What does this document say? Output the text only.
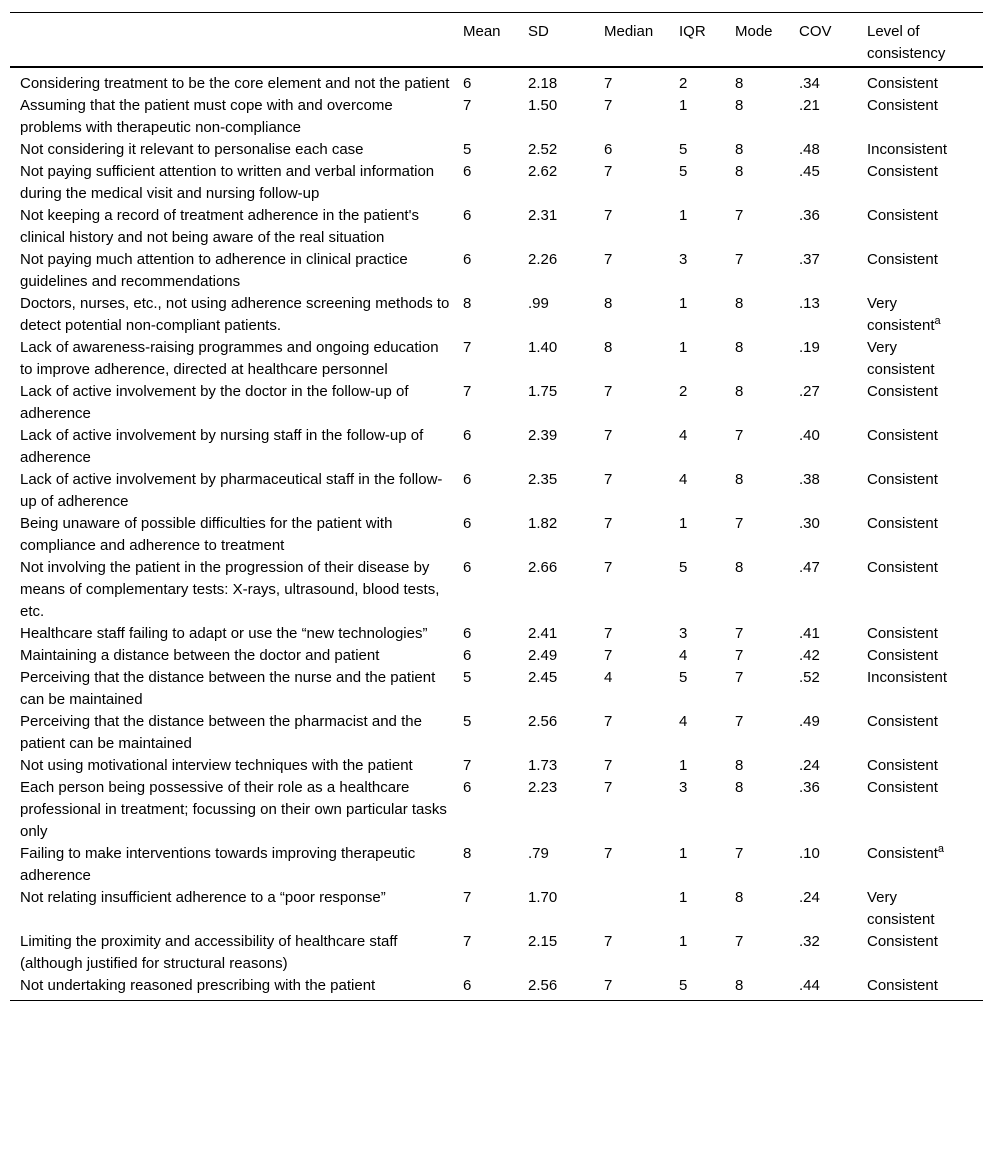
	Mean	SD	Median	IQR	Mode	COV	Level of consistency
Considering treatment to be the core element and not the patient	6	2.18	7	2	8	.34	Consistent
Assuming that the patient must cope with and overcome problems with therapeutic non-compliance	7	1.50	7	1	8	.21	Consistent
Not considering it relevant to personalise each case	5	2.52	6	5	8	.48	Inconsistent
Not paying sufficient attention to written and verbal information during the medical visit and nursing follow-up	6	2.62	7	5	8	.45	Consistent
Not keeping a record of treatment adherence in the patient's clinical history and not being aware of the real situation	6	2.31	7	1	7	.36	Consistent
Not paying much attention to adherence in clinical practice guidelines and recommendations	6	2.26	7	3	7	.37	Consistent
Doctors, nurses, etc., not using adherence screening methods to detect potential non-compliant patients.	8	.99	8	1	8	.13	Very consistent$^a$
Lack of awareness-raising programmes and ongoing education to improve adherence, directed at healthcare personnel	7	1.40	8	1	8	.19	Very consistent
Lack of active involvement by the doctor in the follow-up of adherence	7	1.75	7	2	8	.27	Consistent
Lack of active involvement by nursing staff in the follow-up of adherence	6	2.39	7	4	7	.40	Consistent
Lack of active involvement by pharmaceutical staff in the follow-up of adherence	6	2.35	7	4	8	.38	Consistent
Being unaware of possible difficulties for the patient with compliance and adherence to treatment	6	1.82	7	1	7	.30	Consistent
Not involving the patient in the progression of their disease by means of complementary tests: X-rays, ultrasound, blood tests, etc.	6	2.66	7	5	8	.47	Consistent
Healthcare staff failing to adapt or use the “new technologies”	6	2.41	7	3	7	.41	Consistent
Maintaining a distance between the doctor and patient	6	2.49	7	4	7	.42	Consistent
Perceiving that the distance between the nurse and the patient can be maintained	5	2.45	4	5	7	.52	Inconsistent
Perceiving that the distance between the pharmacist and the patient can be maintained	5	2.56	7	4	7	.49	Consistent
Not using motivational interview techniques with the patient	7	1.73	7	1	8	.24	Consistent
Each person being possessive of their role as a healthcare professional in treatment; focussing on their own particular tasks only	6	2.23	7	3	8	.36	Consistent
Failing to make interventions towards improving therapeutic adherence	8	.79	7	1	7	.10	Consistent$^a$
Not relating insufficient adherence to a “poor response”	7	1.70		1	8	.24	Very consistent
Limiting the proximity and accessibility of healthcare staff (although justified for structural reasons)	7	2.15	7	1	7	.32	Consistent
Not undertaking reasoned prescribing with the patient	6	2.56	7	5	8	.44	Consistent
